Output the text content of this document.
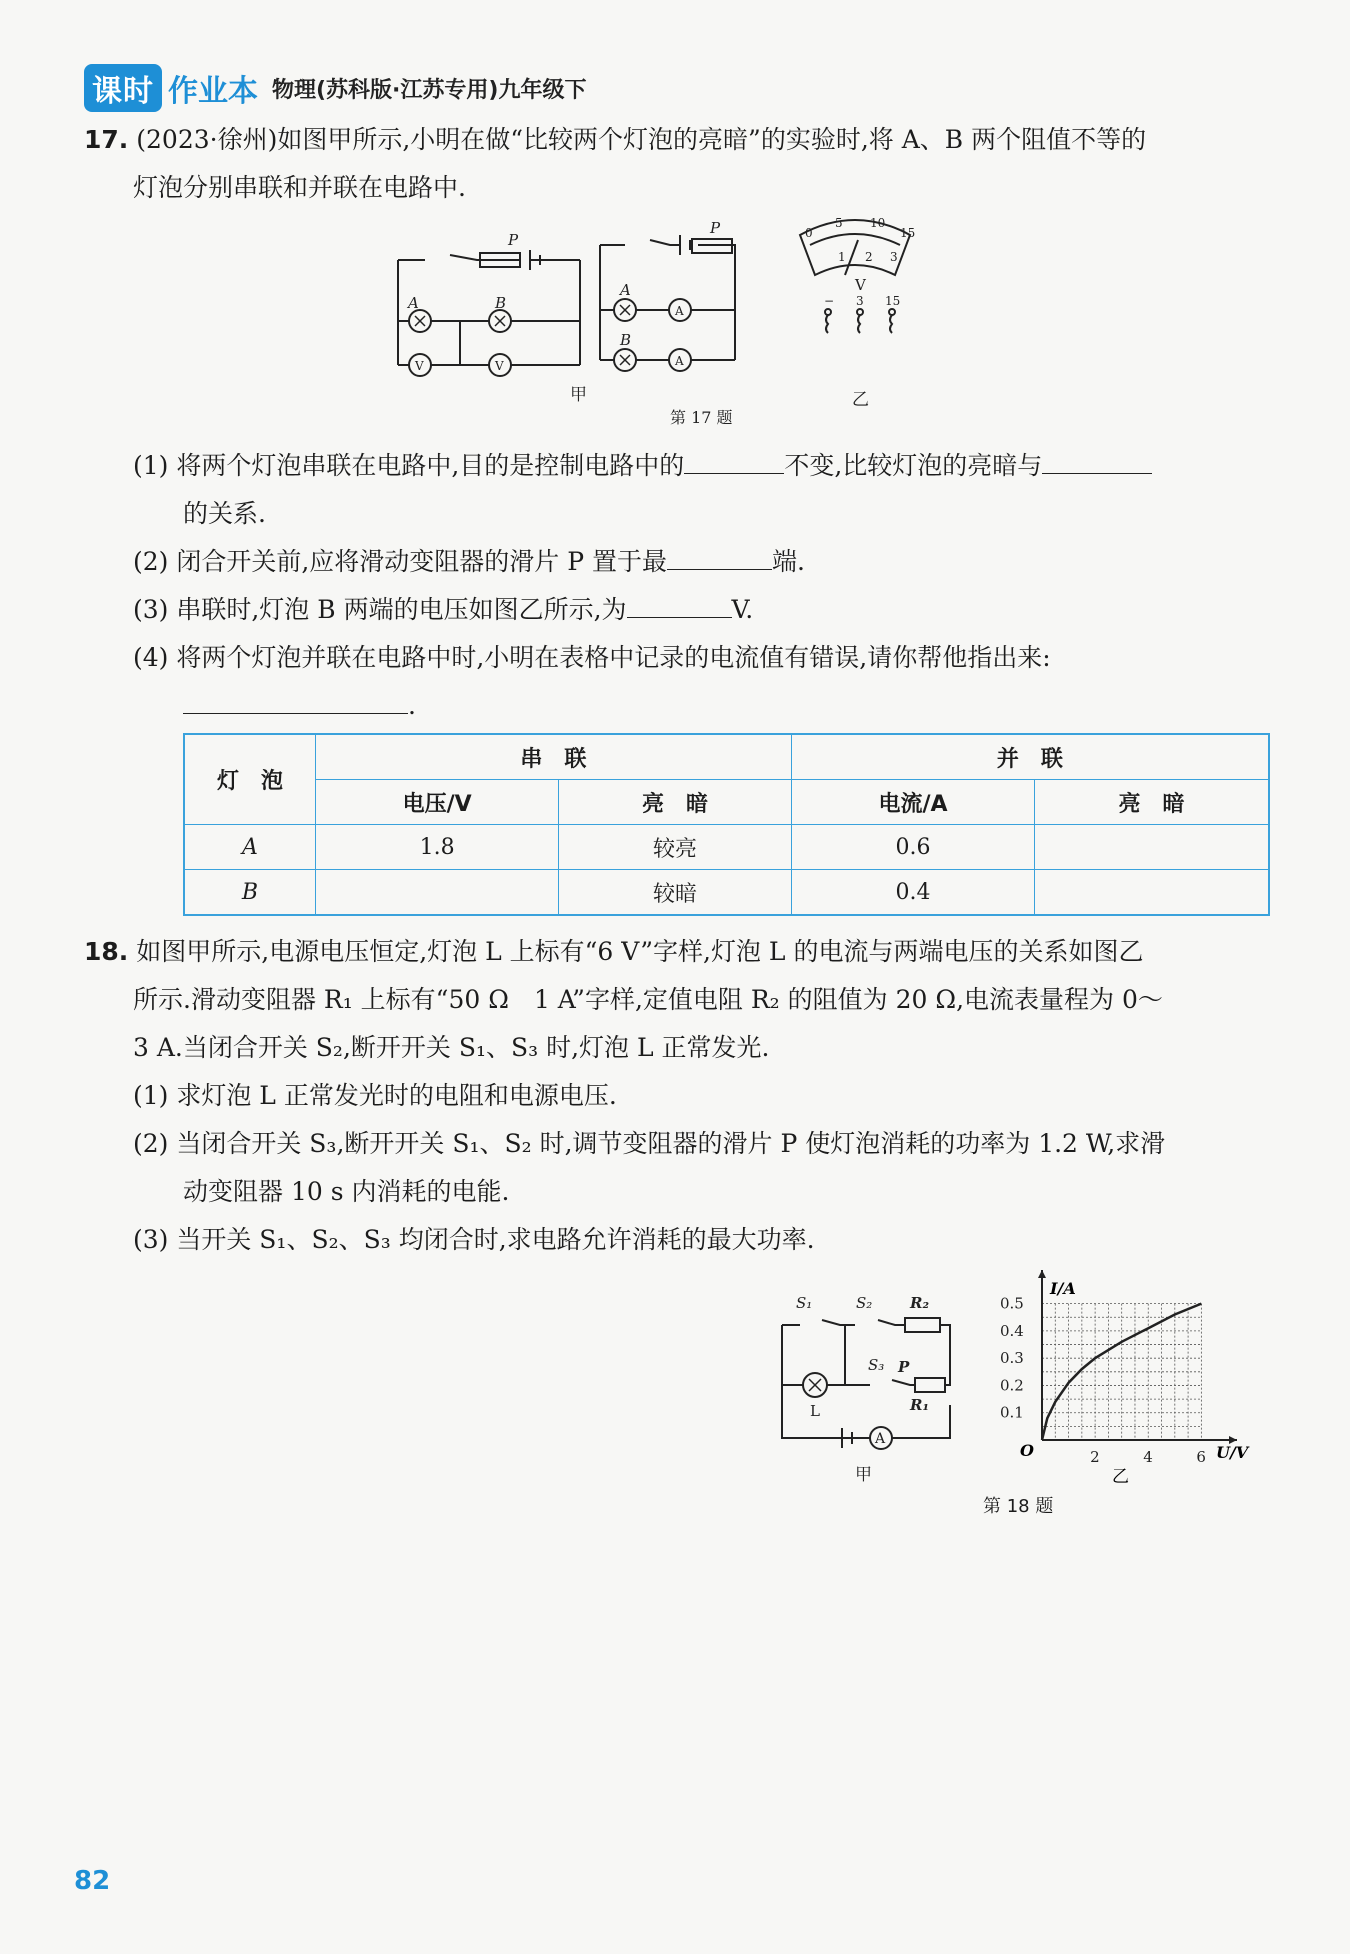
课时 作业本 物理(苏科版·江苏专用)九年级下
17. (2023·徐州)如图甲所示,小明在做“比较两个灯泡的亮暗”的实验时,将 A、B 两个阻值不等的
灯泡分别串联和并联在电路中.
A	B
P
A
B
P
V	V
A
A
0
5 10
15
1 2 3
V
− 3 15
甲	乙
第 17 题
(1) 将两个灯泡串联在电路中,目的是控制电路中的	不变,比较灯泡的亮暗与
的关系.
(2) 闭合开关前,应将滑动变阻器的滑片 P 置于最	端.
(3) 串联时,灯泡 B 两端的电压如图乙所示,为	V.
(4) 将两个灯泡并联在电路中时,小明在表格中记录的电流值有错误,请你帮他指出来:
.
灯　泡	串　联		并　联	
	电压/V	亮　暗	电流/A	亮　暗
A	1.8	较亮	0.6	
B		较暗	0.4	
18. 如图甲所示,电源电压恒定,灯泡 L 上标有“6 V”字样,灯泡 L 的电流与两端电压的关系如图乙
所示.滑动变阻器 R₁ 上标有“50 Ω　1 A”字样,定值电阻 R₂ 的阻值为 20 Ω,电流表量程为 0～
3 A.当闭合开关 S₂,断开开关 S₁、S₃ 时,灯泡 L 正常发光.
(1) 求灯泡 L 正常发光时的电阻和电源电压.
(2) 当闭合开关 S₃,断开开关 S₁、S₂ 时,调节变阻器的滑片 P 使灯泡消耗的功率为 1.2 W,求滑
动变阻器 10 s 内消耗的电能.
(3) 当开关 S₁、S₂、S₃ 均闭合时,求电路允许消耗的最大功率.
S₁	S₂	R₂
S₃ P
R₁
L
A
甲
2	4	6
0.1
0.2
0.3
0.4
0.5
I/A
U/V
O
乙
第 18 题
82
